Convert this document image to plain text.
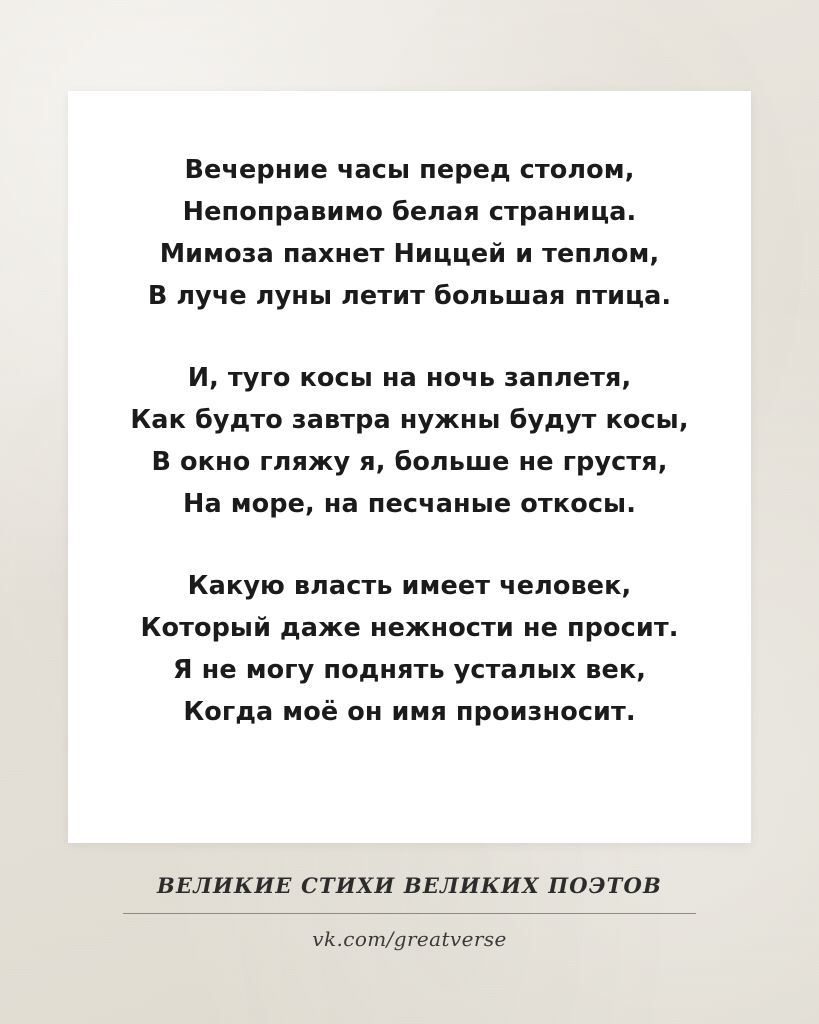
Вечерние часы перед столом,
Непоправимо белая страница.
Мимоза пахнет Ниццей и теплом,
В луче луны летит большая птица.
И, туго косы на ночь заплетя,
Как будто завтра нужны будут косы,
В окно гляжу я, больше не грустя,
На море, на песчаные откосы.
Какую власть имеет человек,
Который даже нежности не просит.
Я не могу поднять усталых век,
Когда моё он имя произносит.
ВЕЛИКИЕ СТИХИ ВЕЛИКИХ ПОЭТОВ
vk.com/greatverse
